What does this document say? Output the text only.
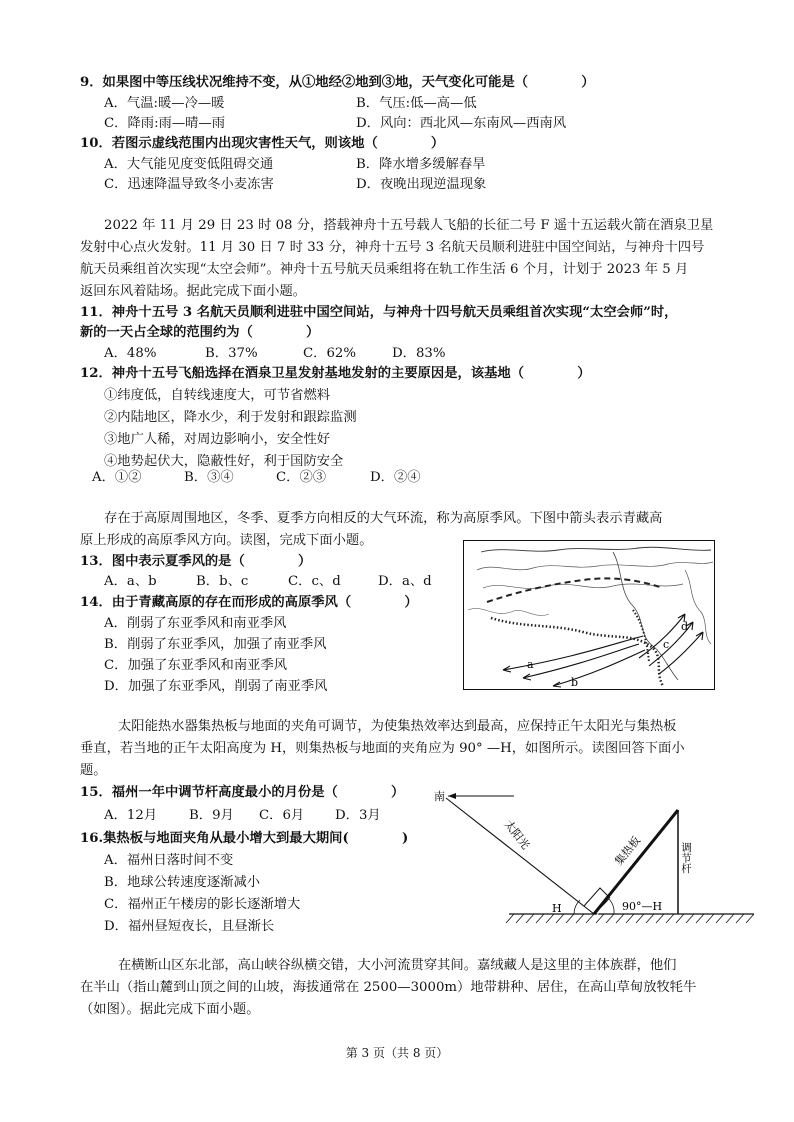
9．如果图中等压线状况维持不变，从①地经②地到③地，天气变化可能是（　　　　）
A．气温:暖—冷—暖	B．气压:低—高—低
C．降雨:雨—晴—雨	D．风向：西北风—东南风—西南风
10．若图示虚线范围内出现灾害性天气，则该地（　　　　）
A．大气能见度变低阻碍交通	B．降水增多缓解春旱
C．迅速降温导致冬小麦冻害	D．夜晚出现逆温现象
2022 年 11 月 29 日 23 时 08 分，搭载神舟十五号载人飞船的长征二号 F 遥十五运载火箭在酒泉卫星
发射中心点火发射。11 月 30 日 7 时 33 分，神舟十五号 3 名航天员顺利进驻中国空间站，与神舟十四号
航天员乘组首次实现“太空会师”。神舟十五号航天员乘组将在轨工作生活 6 个月，计划于 2023 年 5 月
返回东风着陆场。据此完成下面小题。
11．神舟十五号 3 名航天员顺利进驻中国空间站，与神舟十四号航天员乘组首次实现“太空会师”时，
新的一天占全球的范围约为（　　　　）
A．48%	B．37%	C．62%	D．83%
12．神舟十五号飞船选择在酒泉卫星发射基地发射的主要原因是，该基地（　　　　）
①纬度低，自转线速度大，可节省燃料
②内陆地区，降水少，利于发射和跟踪监测
③地广人稀，对周边影响小，安全性好
④地势起伏大，隐蔽性好，利于国防安全
A．①②	B．③④	C．②③	D．②④
存在于高原周围地区，冬季、夏季方向相反的大气环流，称为高原季风。下图中箭头表示青藏高
原上形成的高原季风方向。读图，完成下面小题。
13．图中表示夏季风的是（　　　　）
A．a、b	B．b、c	C．c、d	D．a、d
14．由于青藏高原的存在而形成的高原季风（　　　　）
A．削弱了东亚季风和南亚季风
B．削弱了东亚季风，加强了南亚季风
C．加强了东亚季风和南亚季风
D．加强了东亚季风，削弱了南亚季风
a
b
c
d
太阳能热水器集热板与地面的夹角可调节，为使集热效率达到最高，应保持正午太阳光与集热板
垂直，若当地的正午太阳高度为 H，则集热板与地面的夹角应为 90° —H，如图所示。读图回答下面小
题。
15．福州一年中调节杆高度最小的月份是（　　　　）
A．12月 B．9月 C．6月 D．3月
16.集热板与地面夹角从最小增大到最大期间(　　　　)
A．福州日落时间不变
B．地球公转速度逐渐减小
C．福州正午楼房的影长逐渐增大
D．福州昼短夜长，且昼渐长
南
太阳光	集热板	调节杆
H	90°—H
在横断山区东北部，高山峡谷纵横交错，大小河流贯穿其间。嘉绒藏人是这里的主体族群，他们
在半山（指山麓到山顶之间的山坡，海拔通常在 2500—3000m）地带耕种、居住，在高山草甸放牧牦牛
（如图）。据此完成下面小题。
第 3 页（共 8 页）
